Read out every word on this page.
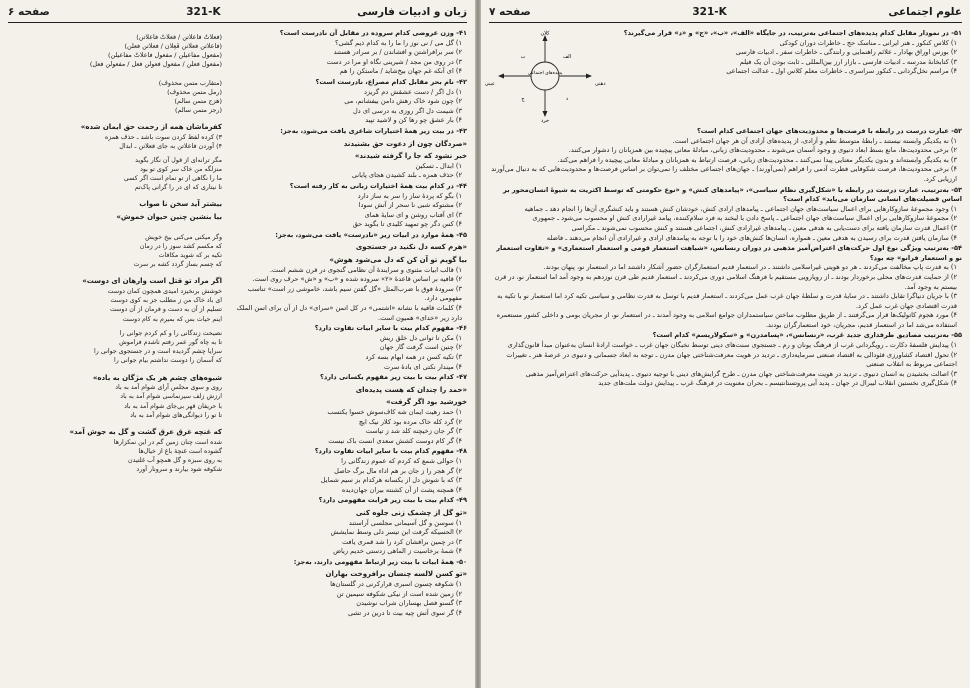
زبان و ادبیات فارسی
321-K
صفحه ۶
۴۱- وزن عروضی کدام سروده در مقابل آن نادرست است؟
۱) گل می / نی نوز را ما را به کدام ذیم گشی؟
۲) سر برافراشتن و افشاندن / بر سرادر هستند
۳) در روی من مجد / شیرینی نگاه او مرا در دست
۴) ای آنکه غم جهان بیخ‌شاید / ماستکن را هم
۴۲- نام بحر مقابل کدام مصراع، نادرست است؟
۱) دل اگر / دست عشقش دم گریزد
۲) چون شود خاک رهش دامن بیفشانم، می
۳) شیمت دل اگر روزی به درسی ای دل
۴) بار عشق چو رها کن و لاشید تپید
۴۳- در بیت زیر همهٔ اختیارات شاعری یافت می‌شود، به‌جز:
«صردگان چون از دعوت حق بشنیدند
خبر نشود که جا را گرفته شیدند»
۱) ابدال ـ تسکین
۲) حذف همزه ـ بلند کشیدن هجای پایانی
۴۴- در کدام بیت همهٔ اختیارات زبانی به کار رفته است؟
۱) بگو که پردهٔ ساز را سر به ساز دارد
۲) مشتوکه شبی نا سحر از آتش سودا
۳) ای آفتاب روشن و ای سایهٔ همای
۴) کس دگر چو تمهید کلیدی تا بگوید حق
۴۵- همهٔ موارد در ابیات زیر «نادرست» یافت می‌شود، به‌جز:
«هرم کسه دل نکنید در جستجوی
بیا گویم تو آن کن که دل می‌شود هوش»
۱) قالب ابیات مثنوی و سرایندهٔ آن نظامی گنجوی در قرن ششم است.
۲) قافیه بر اساس قاعدهٔ «۲» سروده شده و «ب» و «ش» حرف روی است.
۳) سرودهٔ فوق با ضرب‌المثل «گل گفتن سیم باشد، خاموشی زر است» تناسب مفهومی دارد.
۴) کلمات قافیه با نشانه «اشتمی» در کل اتمن «سرای» دل از آن برای اتمن الملک دارد زیر «خدای» همیون است.
۴۶- مفهوم کدام بیت با سایر ابیات تفاوت دارد؟
۱) مکن تا توانی دل خلق ریش
۲) چنین است گرفت گار جهان
۳) تکیه کسن در همه ابهام بسه کرد
۴) مپندار نکتی ای بادهٔ سرت
۴۷- کدام بیت با بیت زیر مفهوم یکسانی دارد؟
«حمد را چندان که هست پدیده‌ای
خورشید بود اگر گرفت»
۱) حمد رهیت ایمان شه کاف‌سوش خسوا یکتسب
۲) گرد کله خاک مرده بود کلار نیک ایچ
۳) گر جان زخیچنه کلد شد ز تیاست
۴) گر کام دوست کشش سعدی انست باک نیست
۴۸- مفهوم کدام بیت با سایر ابیات تفاوت دارد؟
۱) حوالی شمع که کردم که عموم زندگانی را
۲) گر هجر را ز جان بر هم اداء مال برگ حاصل
۳) که با شوش دل از یکسانه هرکدام بز سیم شمایل
۴) همچنه پشت از آن کشنته بیران جهان‌دیده
۴۹- کدام بیت با بیت زیر قرابت مفهومی دارد؟
«تو گل از چشمک زنی جلوه کنی
۱) سوسن و گل آسیمانی مجلسی آراستند
۲) الحسیکه گرفت ابن تیسر دلی وسط نمایشش
۳) در چمین برافشان کرد را شد قمری یافت
۴) شمهٔ برخاسیت ز الماهی زدستی خدیم ریاض
۵۰- همهٔ ابیات با بیت زیر ارتباط مفهومی دارند، به‌جز:
«تو کسن لالسه چنسان برافروخت بهاران
۱) شکوفه چسون اسبری قرارکرنی در گلستان‌ها
۲) زمین شده است از نیکی شکوفه سیمین تن
۳) گسنو فصل بهساران شراب نوشیدن
۴) گر سوی آتش چیه بیت تا درین در تشی
(فعلاتٌ فاعلاتن / فعلاتٌ فاعلاتن)
(فاعلاتن فعلاتن فَعِلان / فعلاتن فعلن)
(مفعول مفاعیلن / مفعول فاعلاتٌ مفاعیلن)
(مفعول فعلن / مفعول فعولن فعل / مفعولن فعل)
(متقارب متمن محذوف)
(رمل متمن محذوف)
(هزج متمن سالم)
(رجز متمن سالم)
کفرماشان همه از رحمت حق ایمان شده»
۳) کرده لفظ کر‌دن سوت باشد ـ حذف همزه
۴) آوردن فاعلاتن به جای فعلاتن ـ ابدال
مگر ترانه‌ای از قول آن نگار بگوید
منزلگه من خاک سر کوی تو بود
ما را نگاهی از تو تمام است اگر کسی
تا نیتاری که ای در را گرانی پاک‌تم
بیشتر آید سخن نا صواب
بیا بنشین چنین حیوان خموش»
وگر میکنی می‌کنی بیخ خویش
که مکسم کشد سوز را در زمان
تکیه بر که شوید مکافات
که چسم بساز گردد کشه بر سرت
اگر مراد تو قتل است وارهان ای دوست»
خوشش برنخیزد امیدی همچون کمان دوست
ای باد خاک من ز مطلب جز به کوی دوست
تسلیم از آن به دست و فرمان از آن دوست
اینم حیات بس که بمیرم به کام دوست
نصیحت زندگانی را و کم کردم جوانی را
تا به چاه گور عمر رفتم ناشدم فراموش
سرایا چشم گردیده است و در جستجوی جوانی را
که آسمان را دوست نداشتم بیام جوانی را
شیوه‌های چشم هر یک مژگان به باده»
روی و سوی مجلس آرای شوام آمد به باد
ارزش زلف سیرنماسی شوام آمد به باد
با حریفان قهر بی‌جای شوام آمد به باد
تا تو را دیوانگی‌های شوام آمد به باد
که غنچه غرق عرق گشت و گل به جوش آمد»
شده است چنان زمین گم در این نمکزارها
گشوده است غنچهٔ باغ از خیال‌ها
به روی سبزه و گل همچو آب غلتیدن
شکوفه شود بیارند و سرونار آورد
علوم اجتماعی
321-K
صفحه ۷
پدیده‌های اجتماعی
کلان
خرد
ذهنی
عینی
الف
ب
ج	د
۵۱- در نمودار مقابل کدام پدیده‌های اجتماعی به‌ترتیب، در جایگاه «الف»، «ب»، «ج» و «د» قرار می‌گیرند؟
۱) کلاس کنکور ـ هنر ایرانی ـ مناسک حج ـ خاطرات دوران کودکی
۲) بورس اوراق بهادار ـ علائم راهنمایی و رانندگی ـ خاطرات سفر ـ ادبیات فارسی
۳) کتابخانهٔ مدرسه ـ ادبیات فارسی ـ بازار ارز بین‌المللی ـ ثابت بودن آن یک فیلم
۴) مراسم نخل‌گردانی ـ کنکور سراسری ـ خاطرات معلم کلاس اول ـ عدالت اجتماعی
۵۲- عبارت درست در رابطه با فرصت‌ها و محدودیت‌های جهان اجتماعی کدام است؟
۱) نه یکدیگر وابسته نیستند ـ رابطهٔ متوسط نظم و آزادی، از پدیده‌های آزادی آن هر جهان اجتماعی است.
۲) برخی محدودیت‌ها، مانع بسط ابعاد دنیوی و وجود آسمان می‌شوند ـ محدودیت‌های زبانی، مبادلهٔ معانی پیچیده بین همزبانان را دشوار می‌کنند.
۳) به یکدیگر وابسته‌اند و بدون یکدیگر معنایی پیدا نمی‌کنند ـ محدودیت‌های زبانی، فرصت ارتباط به همزبانان و مبادلهٔ معانی پیچیده را فراهم می‌کند.
۴) برخی محدودیت‌ها، فرصت شکوفایی فطرت آدمی را فراهم (نمی‌آورند) ـ جهان‌های اجتماعی مختلف را نمی‌توان بر اساس فرصت‌ها و محدودیت‌هایی که به دنبال می‌آورند ارزیابی کرد.
۵۳- به‌ترتیب، عبارت درست در رابطه با «شکل‌گیری نظام سیاسی»، «پیامدهای کنش» و «نوع حکومتی که توسط اکثریت به شیوهٔ انسان‌محور بر اساس قضیلت‌های انسانی سازمان می‌یابد» کدام است؟
۱) وجود مجموعهٔ سازوکارهایی برای اعمال سیاست‌های جهان اجتماعی ـ پیامدهای ارادی کنش، خودشان کنش هستند و باید کنشگری آن‌ها را انجام دهد ـ جماهیه
۲) مجموعهٔ سازوکارهایی برای اعمال سیاست‌های جهان اجتماعی ـ پاسخ دادن با لبخند به فرد سلام‌کننده، پیامد غیرارادی کنش او محسوب می‌شود ـ جمهوری
۳) اعمال قدرت سازمان یافته برای دست‌یابی به هدفی معین ـ پیامدهای غیرارادی کنش، اجتماعی هستند و کنش محسوب نمی‌شوند ـ مکراسی
۴) سازمان یافتن قدرت برای رسیدن به هدفی معین ـ همواره، انسان‌ها کنش‌های خود را با توجه به پیامدهای ارادی و غیرارادی آن انجام می‌دهند ـ فاضله
۵۴- به‌ترتیب ویژگی نوع اول حرکت‌های اعتراض‌آمیز مذهبی در دوران رنسانس، «شباهت استعمار قومی و استعمار استعماری» و «تفاوت استعمار نو و استعمار فرانو» چه بود؟
۱) به قدرت پاپ مخالفت می‌کردند ـ هر دو هویتی غیراسلامی داشتند ـ در استعمار قدیم استعمارگران حضور آشکار داشتند اما در استعمار نو، پنهان بودند.
۲) از حمایت قدرت‌های محلی برخوردار بودند ـ از رویارویی مستقیم با فرهنگ اسلامی دوری می‌کردند ـ استعمار قدیم طی قرن نوزدهم به وجود آمد اما استعمار نو، در قرن بیستم به وجود آمد.
۳) با جریان دنیاگرا تقابل داشتند ـ در سایهٔ قدرت و سلطهٔ جهان غرب عمل می‌کردند ـ استعمار قدیم با توسل به قدرت نظامی و سیاسی تکیه کرد اما استعمار نو با تکیه به قدرت اقتصادی جهان غرب عمل کرد.
۴) مورد هجوم کاتولیک‌ها قرار می‌گرفتند ـ از طریق مطلوب ساختن سیاستمداران جوامع اسلامی به وجود آمدند ـ در استعمار نو، از مجریان بومی و داخلی کشور مستعمره استفاده می‌شد اما در استعمار قدیم، مجریان، خود استعمارگران بودند.
۵۵- به‌ترتیب مصادیق طرفداری جدید غرب، «رنسانس»، «پسامدرن» و «سکولاریسم» کدام است؟
۱) پیدایش فلسفهٔ دکارت ـ رویگردانی غرب از فرهنگ یونان و رم ـ جستجوی سنت‌های دینی توسط نخبگان جهان غرب ـ خواست ارادهٔ انسان به‌عنوان مبدأ قانون‌گذاری
۲) تحول اقتصاد کشاورزی فئودالی به اقتصاد صنعتی سرمایه‌داری ـ تردید در هویت معرفت‌شناختی جهان مدرن ـ توجه به ابعاد جسمانی و دنیوی در عرصهٔ هنر ـ تغییرات اجتماعی مربوط به انقلاب صنعتی
۳) اصالت بخشیدن به انسان دنیوی ـ تردید در هویت معرفت‌شناختی جهان مدرن ـ طرح گرایش‌های دینی با توجیه دنیوی ـ پدیدآیی حرکت‌های اعتراض‌آمیز مذهبی
۴) شکل‌گیری نخستین انقلاب لیبرال در جهان ـ پدید آیی پروتستانتیسم ـ بحران معنویت در فرهنگ غرب ـ پیدایش دولت ملت‌های جدید
